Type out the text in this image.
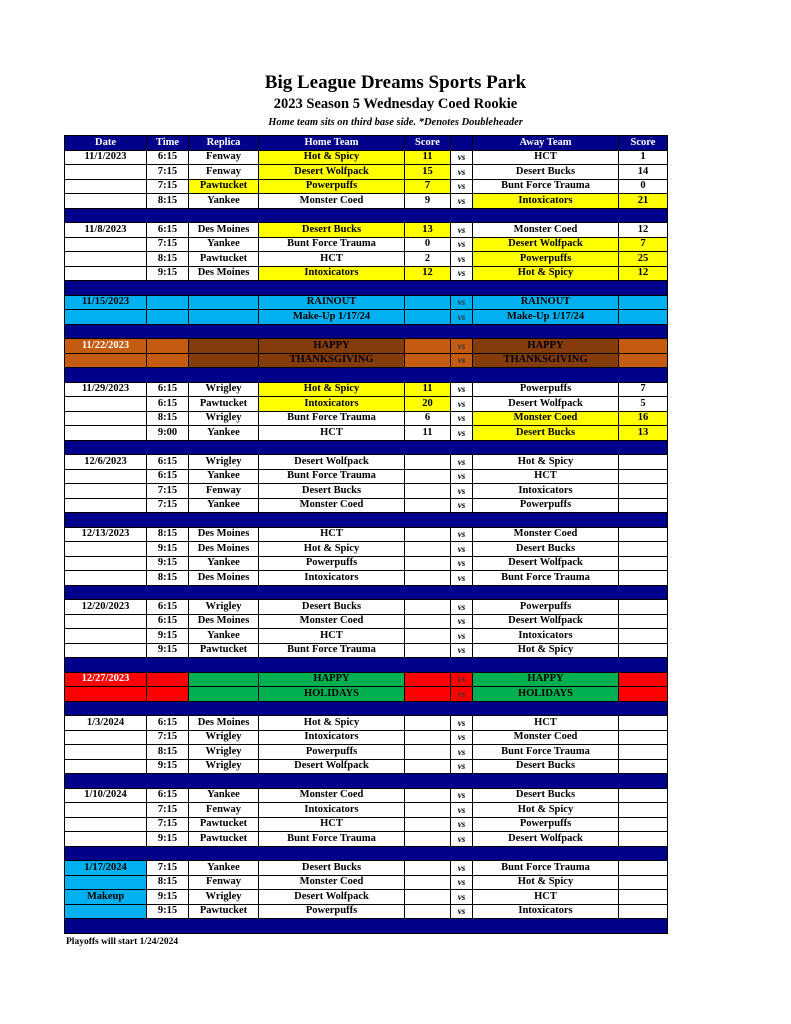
Big League Dreams Sports Park
2023 Season 5 Wednesday Coed Rookie
Home team sits on third base side. *Denotes Doubleheader
Date	Time	Replica	Home Team	Score		Away Team	Score
11/1/2023	6:15	Fenway	Hot & Spicy	11	vs	HCT	1
	7:15	Fenway	Desert Wolfpack	15	vs	Desert Bucks	14
	7:15	Pawtucket	Powerpuffs	7	vs	Bunt Force Trauma	0
	8:15	Yankee	Monster Coed	9	vs	Intoxicators	21

11/8/2023	6:15	Des Moines	Desert Bucks	13	vs	Monster Coed	12
	7:15	Yankee	Bunt Force Trauma	0	vs	Desert Wolfpack	7
	8:15	Pawtucket	HCT	2	vs	Powerpuffs	25
	9:15	Des Moines	Intoxicators	12	vs	Hot & Spicy	12

11/15/2023			RAINOUT		vs	RAINOUT	
			Make-Up 1/17/24		vs	Make-Up 1/17/24	

11/22/2023			HAPPY		vs	HAPPY	
			THANKSGIVING		vs	THANKSGIVING	

11/29/2023	6:15	Wrigley	Hot & Spicy	11	vs	Powerpuffs	7
	6:15	Pawtucket	Intoxicators	20	vs	Desert Wolfpack	5
	8:15	Wrigley	Bunt Force Trauma	6	vs	Monster Coed	16
	9:00	Yankee	HCT	11	vs	Desert Bucks	13

12/6/2023	6:15	Wrigley	Desert Wolfpack		vs	Hot & Spicy	
	6:15	Yankee	Bunt Force Trauma		vs	HCT	
	7:15	Fenway	Desert Bucks		vs	Intoxicators	
	7:15	Yankee	Monster Coed		vs	Powerpuffs	

12/13/2023	8:15	Des Moines	HCT		vs	Monster Coed	
	9:15	Des Moines	Hot & Spicy		vs	Desert Bucks	
	9:15	Yankee	Powerpuffs		vs	Desert Wolfpack	
	8:15	Des Moines	Intoxicators		vs	Bunt Force Trauma	

12/20/2023	6:15	Wrigley	Desert Bucks		vs	Powerpuffs	
	6:15	Des Moines	Monster Coed		vs	Desert Wolfpack	
	9:15	Yankee	HCT		vs	Intoxicators	
	9:15	Pawtucket	Bunt Force Trauma		vs	Hot & Spicy	

12/27/2023			HAPPY		vs	HAPPY	
			HOLIDAYS		vs	HOLIDAYS	

1/3/2024	6:15	Des Moines	Hot & Spicy		vs	HCT	
	7:15	Wrigley	Intoxicators		vs	Monster Coed	
	8:15	Wrigley	Powerpuffs		vs	Bunt Force Trauma	
	9:15	Wrigley	Desert Wolfpack		vs	Desert Bucks	

1/10/2024	6:15	Yankee	Monster Coed		vs	Desert Bucks	
	7:15	Fenway	Intoxicators		vs	Hot & Spicy	
	7:15	Pawtucket	HCT		vs	Powerpuffs	
	9:15	Pawtucket	Bunt Force Trauma		vs	Desert Wolfpack	

1/17/2024	7:15	Yankee	Desert Bucks		vs	Bunt Force Trauma	
	8:15	Fenway	Monster Coed		vs	Hot & Spicy	
Makeup	9:15	Wrigley	Desert Wolfpack		vs	HCT	
	9:15	Pawtucket	Powerpuffs		vs	Intoxicators	

Playoffs will start 1/24/2024
